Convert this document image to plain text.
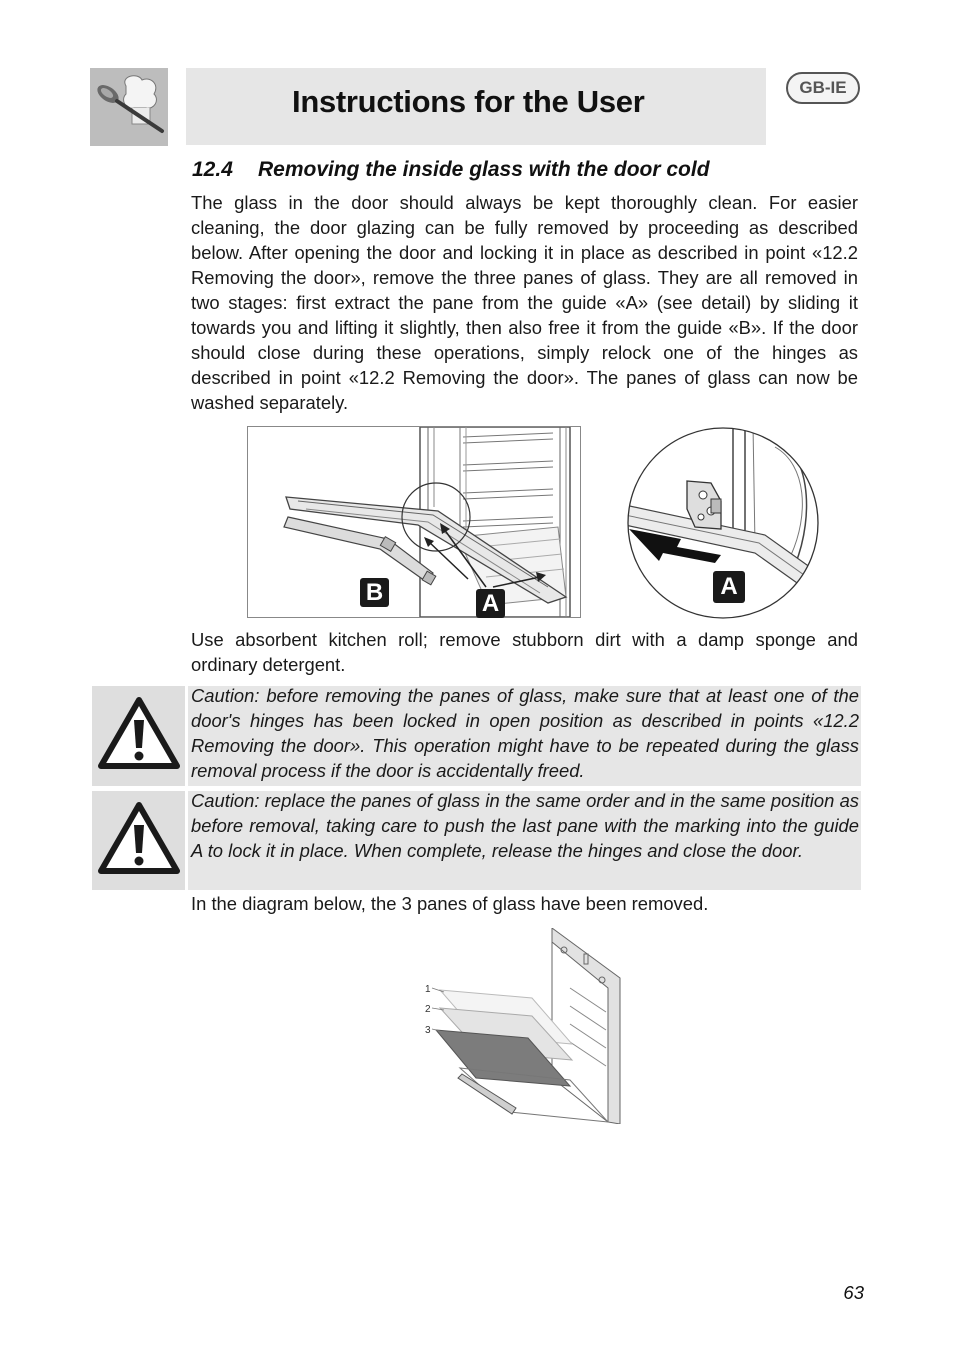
Instructions for the User	GB-IE
12.4 Removing the inside glass with the door cold
The glass in the door should always be kept thoroughly clean. For easier cleaning, the door glazing can be fully removed by proceeding as described below. After opening the door and locking it in place as described in point «12.2 Removing the door», remove the three panes of glass. They are all removed in two stages: first extract the pane from the guide «A» (see detail) by sliding it towards you and lifting it slightly, then also free it from the guide «B». If the door should close during these operations, simply relock one of the hinges as described in point «12.2 Removing the door». The panes of glass can now be washed separately.
B	A
A
Use absorbent kitchen roll; remove stubborn dirt with a damp sponge and ordinary detergent.

Caution: before removing the panes of glass, make sure that at least one of the door's hinges has been locked in open position as described in points «12.2 Removing the door». This operation might have to be repeated during the glass removal process if the door is accidentally freed.

Caution: replace the panes of glass in the same order and in the same position as before removal, taking care to push the last pane with the marking into the guide A to lock it in place. When complete, release the hinges and close the door.

In the diagram below, the 3 panes of glass have been removed.
1
2
3
63
